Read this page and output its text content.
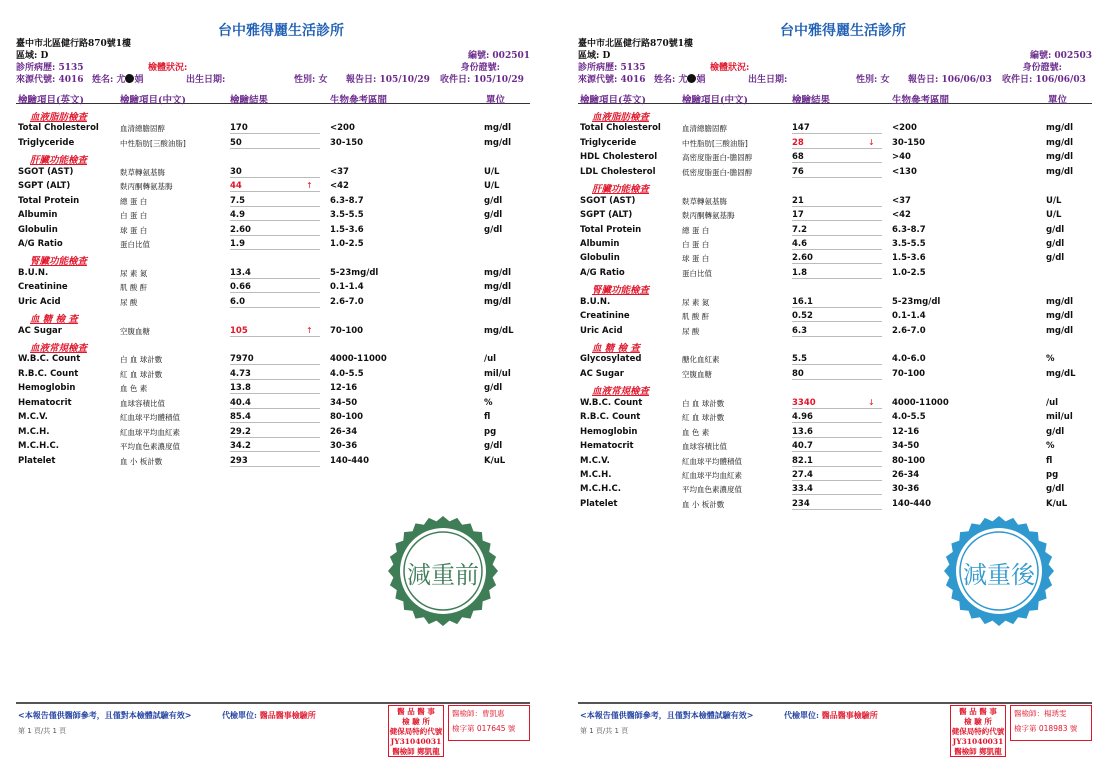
台中雅得麗生活診所
臺中市北區健行路870號1樓
區域: D	編號: 002501
診所病歷: 5135	檢體狀況:	身份證號:
來源代號: 4016 姓名: 尤 娟	出生日期:	性別: 女 報告日: 105/10/29 收件日: 105/10/29
檢驗項目(英文)	檢驗項目(中文)	檢驗結果	生物參考區間	單位
血液脂肪檢查
Total Cholesterol	血清總膽固醇	170	<200	mg/dl
Triglyceride	中性脂肪[三酸油脂]	50	30-150	mg/dl
肝臟功能檢查
SGOT (AST)	麩草轉氨基脢	30	<37	U/L
SGPT (ALT)	麩丙酮轉氨基脢	44	↑ <42	U/L
Total Protein	總 蛋 白	7.5	6.3-8.7	g/dl
Albumin	白 蛋 白	4.9	3.5-5.5	g/dl
Globulin	球 蛋 白	2.60	1.5-3.6	g/dl
A/G Ratio	蛋白比值	1.9	1.0-2.5
腎臟功能檢查
B.U.N.	尿 素 氮	13.4	5-23mg/dl	mg/dl
Creatinine	肌 酸 酐	0.66	0.1-1.4	mg/dl
Uric Acid	尿 酸	6.0	2.6-7.0	mg/dl
血 糖 檢 查
AC Sugar	空腹血糖	105	↑ 70-100	mg/dL
血液常規檢查
W.B.C. Count	白 血 球計數	7970	4000-11000	/ul
R.B.C. Count	紅 血 球計數	4.73	4.0-5.5	mil/ul
Hemoglobin	血 色 素	13.8	12-16	g/dl
Hematocrit	血球容積比值	40.4	34-50	%
M.C.V.	紅血球平均體積值	85.4	80-100	fl
M.C.H.	紅血球平均血紅素	29.2	26-34	pg
M.C.H.C.	平均血色素濃度值	34.2	30-36	g/dl
Platelet	血 小 板計數	293	140-440	K/uL
<本報告僅供醫師參考，且僅對本檢體試驗有效>	代檢單位: 醫品醫事檢驗所
第 1 頁/共 1 頁
醫 品 醫 事
檢 驗 所
健保局特約代號
JY31040031
醫檢師 鄭凱龍
醫檢師：曹凱惠
檢字第 017645 號
台中雅得麗生活診所
臺中市北區健行路870號1樓
區域: D	編號: 002503
診所病歷: 5135	檢體狀況:	身份證號:
來源代號: 4016 姓名: 尤 娟	出生日期:	性別: 女 報告日: 106/06/03 收件日: 106/06/03
檢驗項目(英文)	檢驗項目(中文)	檢驗結果	生物參考區間	單位
血液脂肪檢查
Total Cholesterol	血清總膽固醇	147	<200	mg/dl
Triglyceride	中性脂肪[三酸油脂]	28	↓ 30-150	mg/dl
HDL Cholesterol	高密度脂蛋白-膽固醇	68	>40	mg/dl
LDL Cholesterol	低密度脂蛋白-膽固醇	76	<130	mg/dl
肝臟功能檢查
SGOT (AST)	麩草轉氨基脢	21	<37	U/L
SGPT (ALT)	麩丙酮轉氨基脢	17	<42	U/L
Total Protein	總 蛋 白	7.2	6.3-8.7	g/dl
Albumin	白 蛋 白	4.6	3.5-5.5	g/dl
Globulin	球 蛋 白	2.60	1.5-3.6	g/dl
A/G Ratio	蛋白比值	1.8	1.0-2.5
腎臟功能檢查
B.U.N.	尿 素 氮	16.1	5-23mg/dl	mg/dl
Creatinine	肌 酸 酐	0.52	0.1-1.4	mg/dl
Uric Acid	尿 酸	6.3	2.6-7.0	mg/dl
血 糖 檢 查
Glycosylated	醣化血紅素	5.5	4.0-6.0	%
AC Sugar	空腹血糖	80	70-100	mg/dL
血液常規檢查
W.B.C. Count	白 血 球計數	3340	↓ 4000-11000	/ul
R.B.C. Count	紅 血 球計數	4.96	4.0-5.5	mil/ul
Hemoglobin	血 色 素	13.6	12-16	g/dl
Hematocrit	血球容積比值	40.7	34-50	%
M.C.V.	紅血球平均體積值	82.1	80-100	fl
M.C.H.	紅血球平均血紅素	27.4	26-34	pg
M.C.H.C.	平均血色素濃度值	33.4	30-36	g/dl
Platelet	血 小 板計數	234	140-440	K/uL
<本報告僅供醫師參考，且僅對本檢體試驗有效>	代檢單位: 醫品醫事檢驗所
第 1 頁/共 1 頁
醫 品 醫 事
檢 驗 所
健保局特約代號
JY31040031
醫檢師 鄭凱龍
醫檢師：楊琇雯
檢字第 018983 號
減重前	減重後
